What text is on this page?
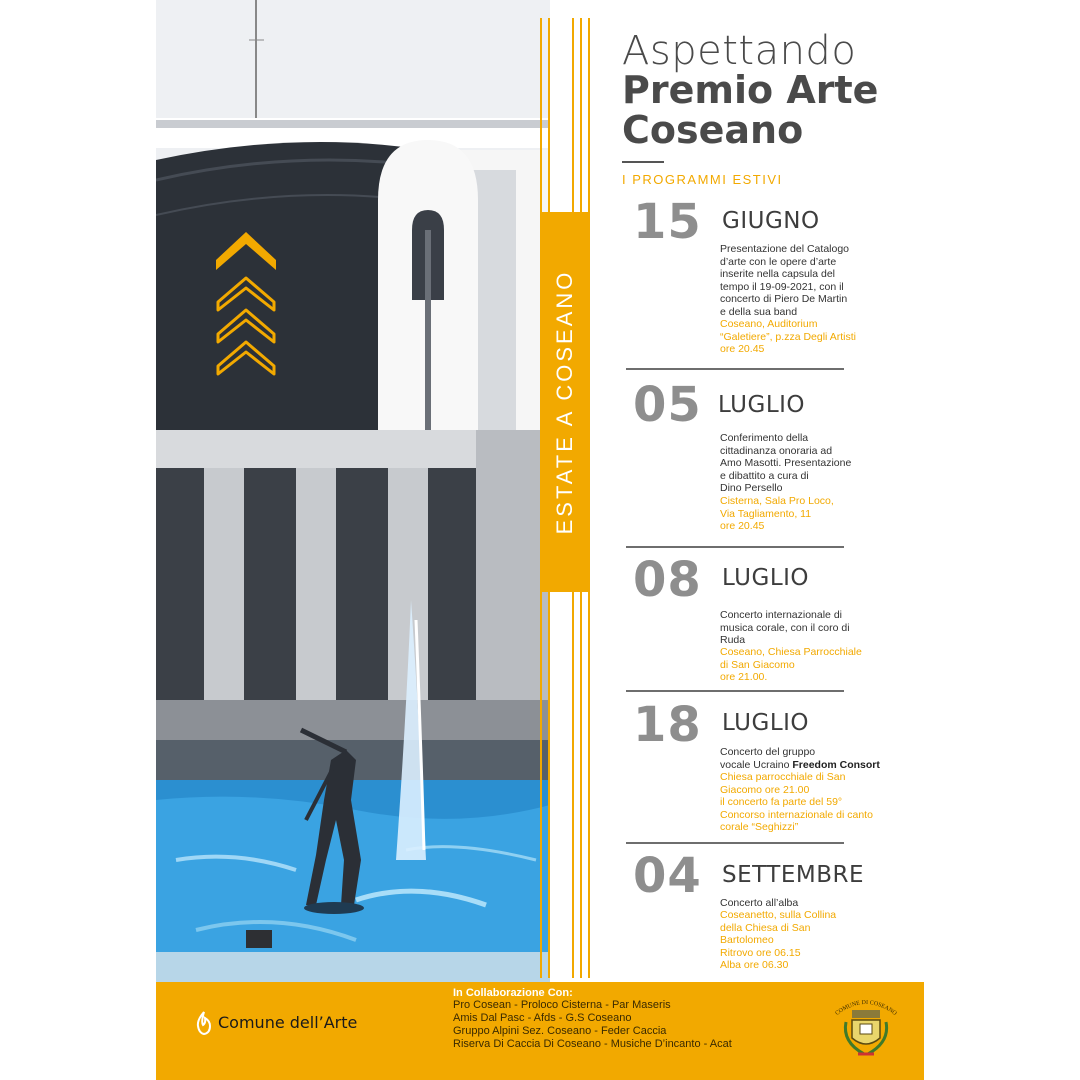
ESTATE A COSEANO
Aspettando
Premio Arte
Coseano
I PROGRAMMI ESTIVI
15 GIUGNO
Presentazione del Catalogo
d’arte con le opere d’arte
inserite nella capsula del
tempo il 19-09-2021, con il
concerto di Piero De Martin
e della sua band
Coseano, Auditorium
“Galetiere”, p.zza Degli Artisti
ore 20.45
05 LUGLIO
Conferimento della
cittadinanza onoraria ad
Amo Masotti. Presentazione
e dibattito a cura di
Dino Persello
Cisterna, Sala Pro Loco,
Via Tagliamento, 11
ore 20.45
08 LUGLIO
Concerto internazionale di
musica corale, con il coro di
Ruda
Coseano, Chiesa Parrocchiale
di San Giacomo
ore 21.00.
18 LUGLIO
Concerto del gruppo
vocale Ucraino Freedom Consort
Chiesa parrocchiale di San
Giacomo ore 21.00
il concerto fa parte del 59°
Concorso internazionale di canto
corale “Seghizzi”
04 SETTEMBRE
Concerto all’alba
Coseanetto, sulla Collina
della Chiesa di San
Bartolomeo
Ritrovo ore 06.15
Alba ore 06.30
Comune dell’Arte
In Collaborazione Con:
Pro Cosean - Proloco Cisterna - Par Maseris
Amis Dal Pasc - Afds - G.S Coseano
Gruppo Alpini Sez. Coseano - Feder Caccia
Riserva Di Caccia Di Coseano - Musiche D’incanto - Acat
COMUNE DI COSEANO
